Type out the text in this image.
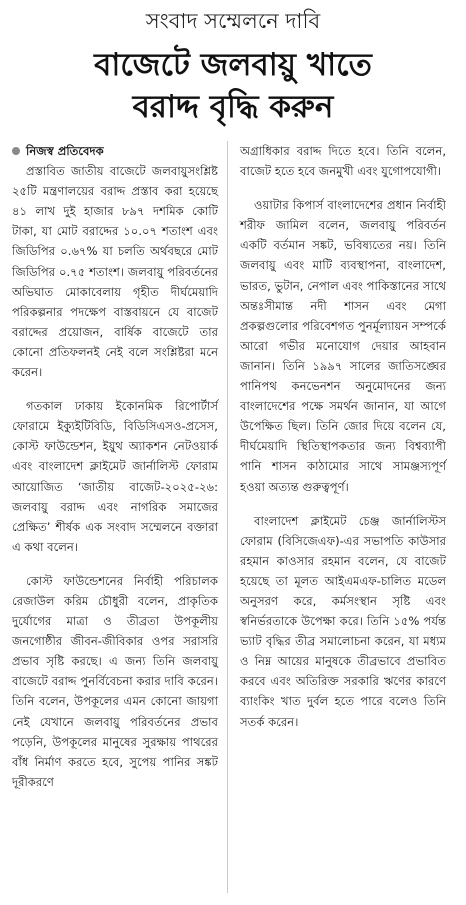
সংবাদ সম্মেলনে দাবি
বাজেটে জলবায়ু খাতে
বরাদ্দ বৃদ্ধি করুন
নিজস্ব প্রতিবেদক

প্রস্তাবিত জাতীয় বাজেটে জলবায়ুসংশ্লিষ্ট ২৫টি মন্ত্রণালয়ের বরাদ্দ প্রস্তাব করা হয়েছে ৪১ লাখ দুই হাজার ৮৯৭ দশমিক কোটি টাকা, যা মোট বরাদ্দের ১০.০৭ শতাংশ এবং জিডিপির ০.৬৭% যা চলতি অর্থবছরে মোট জিডিপির ০.৭৫ শতাংশ। জলবায়ু পরিবর্তনের অভিঘাত মোকাবেলায় গৃহীত দীর্ঘমেয়াদি পরিকল্পনার পদক্ষেপ বাস্তবায়নে যে বাজেট বরাদ্দের প্রয়োজন, বার্ষিক বাজেটে তার কোনো প্রতিফলনই নেই বলে সংশ্লিষ্টরা মনে করেন।

গতকাল ঢাকায় ইকোনমিক রিপোর্টার্স ফোরামে ইক্যুইটিবিডি, বিডিসিএসও-প্রসেস, কোস্ট ফাউন্ডেশন, ইয়ুথ অ্যাকশন নেটওয়ার্ক এবং বাংলাদেশ ক্লাইমেট জার্নালিস্ট ফোরাম আয়োজিত ‘জাতীয় বাজেট-২০২৫-২৬: জলবায়ু বরাদ্দ এবং নাগরিক সমাজের প্রেক্ষিত’ শীর্ষক এক সংবাদ সম্মেলনে বক্তারা এ কথা বলেন।

কোস্ট ফাউন্ডেশনের নির্বাহী পরিচালক রেজাউল করিম চৌধুরী বলেন, প্রাকৃতিক দুর্যোগের মাত্রা ও তীব্রতা উপকূলীয় জনগোষ্ঠীর জীবন-জীবিকার ওপর সরাসরি প্রভাব সৃষ্টি করছে। এ জন্য তিনি জলবায়ু বাজেটে বরাদ্দ পুনর্বিবেচনা করার দাবি করেন। তিনি বলেন, উপকূলের এমন কোনো জায়গা নেই যেখানে জলবায়ু পরিবর্তনের প্রভাব পড়েনি, উপকূলের মানুষের সুরক্ষায় পাথরের বাঁধ নির্মাণ করতে হবে, সুপেয় পানির সঙ্কট দূরীকরণে

অগ্রাধিকার বরাদ্দ দিতে হবে। তিনি বলেন, বাজেট হতে হবে জনমুখী এবং যুগোপযোগী।

ওয়াটার কিপার্স বাংলাদেশের প্রধান নির্বাহী শরীফ জামিল বলেন, জলবায়ু পরিবর্তন একটি বর্তমান সঙ্কট, ভবিষ্যতের নয়। তিনি জলবায়ু এবং মাটি ব্যবস্থাপনা, বাংলাদেশ, ভারত, ভুটান, নেপাল এবং পাকিস্তানের সাথে অন্তঃসীমান্ত নদী শাসন এবং মেগা প্রকল্পগুলোর পরিবেশগত পুনর্মূল্যায়ন সম্পর্কে আরো গভীর মনোযোগ দেয়ার আহবান জানান। তিনি ১৯৯৭ সালের জাতিসঙ্ঘের পানিপথ কনভেনশন অনুমোদনের জন্য বাংলাদেশের পক্ষে সমর্থন জানান, যা আগে উপেক্ষিত ছিল। তিনি জোর দিয়ে বলেন যে, দীর্ঘমেয়াদি স্থিতিস্থাপকতার জন্য বিশ্বব্যাপী পানি শাসন কাঠামোর সাথে সামঞ্জস্যপূর্ণ হওয়া অত্যন্ত গুরুত্বপূর্ণ।

বাংলাদেশ ক্লাইমেট চেঞ্জ জার্নালিস্টস ফোরাম (বিসিজেএফ)-এর সভাপতি কাউসার রহমান কাওসার রহমান বলেন, যে বাজেট হয়েছে তা মূলত আইএমএফ-চালিত মডেল অনুসরণ করে, কর্মসংস্থান সৃষ্টি এবং স্বনির্ভরতাকে উপেক্ষা করে। তিনি ১৫% পর্যন্ত ভ্যাট বৃদ্ধির তীব্র সমালোচনা করেন, যা মধ্যম ও নিম্ন আয়ের মানুষকে তীব্রভাবে প্রভাবিত করবে এবং অতিরিক্ত সরকারি ঋণের কারণে ব্যাংকিং খাত দুর্বল হতে পারে বলেও তিনি সতর্ক করেন।
